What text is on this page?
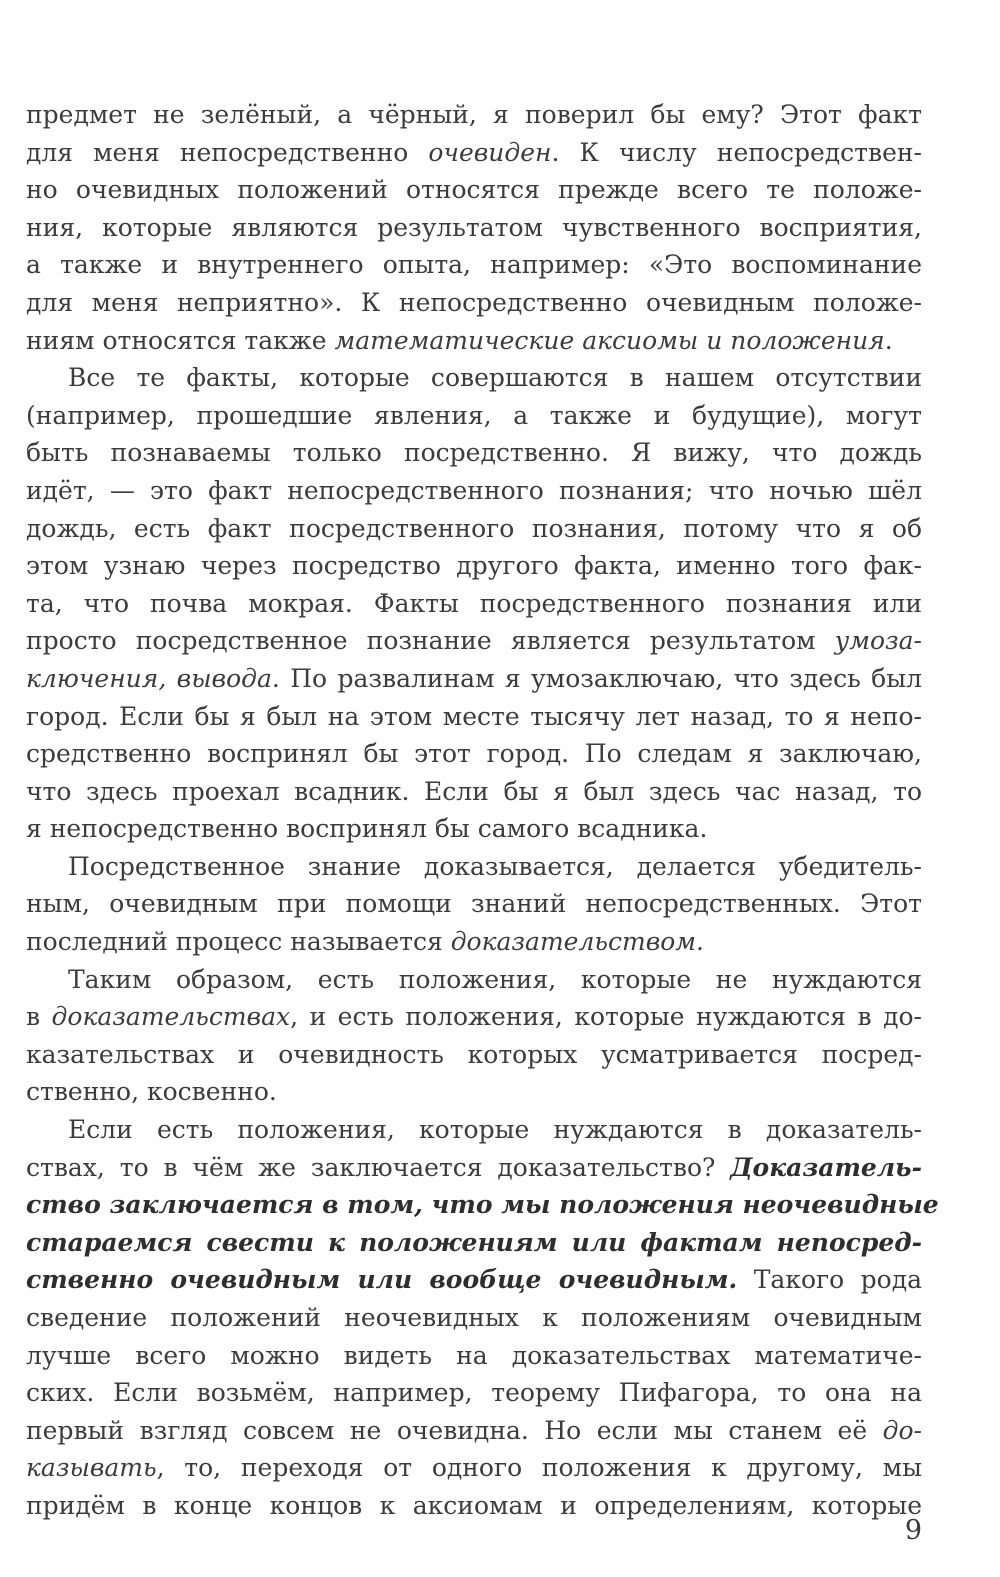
предмет не зелёный, а чёрный, я поверил бы ему? Этот факт
для меня непосредственно очевиден. К числу непосредствен-
но очевидных положений относятся прежде всего те положе-
ния, которые являются результатом чувственного восприятия,
а также и внутреннего опыта, например: «Это воспоминание
для меня неприятно». К непосредственно очевидным положе-
ниям относятся также математические аксиомы и положения.
Все те факты, которые совершаются в нашем отсутствии
(например, прошедшие явления, а также и будущие), могут
быть познаваемы только посредственно. Я вижу, что дождь
идёт, — это факт непосредственного познания; что ночью шёл
дождь, есть факт посредственного познания, потому что я об
этом узнаю через посредство другого факта, именно того фак-
та, что почва мокрая. Факты посредственного познания или
просто посредственное познание является результатом умоза-
ключения, вывода. По развалинам я умозаключаю, что здесь был
город. Если бы я был на этом месте тысячу лет назад, то я непо-
средственно воспринял бы этот город. По следам я заключаю,
что здесь проехал всадник. Если бы я был здесь час назад, то
я непосредственно воспринял бы самого всадника.
Посредственное знание доказывается, делается убедитель-
ным, очевидным при помощи знаний непосредственных. Этот
последний процесс называется доказательством.
Таким образом, есть положения, которые не нуждаются
в доказательствах, и есть положения, которые нуждаются в до-
казательствах и очевидность которых усматривается посред-
ственно, косвенно.
Если есть положения, которые нуждаются в доказатель-
ствах, то в чём же заключается доказательство? Доказатель-
ство заключается в том, что мы положения неочевидные
стараемся свести к положениям или фактам непосред-
ственно очевидным или вообще очевидным. Такого рода
сведение положений неочевидных к положениям очевидным
лучше всего можно видеть на доказательствах математиче-
ских. Если возьмём, например, теорему Пифагора, то она на
первый взгляд совсем не очевидна. Но если мы станем её до-
казывать, то, переходя от одного положения к другому, мы
придём в конце концов к аксиомам и определениям, которые
9
